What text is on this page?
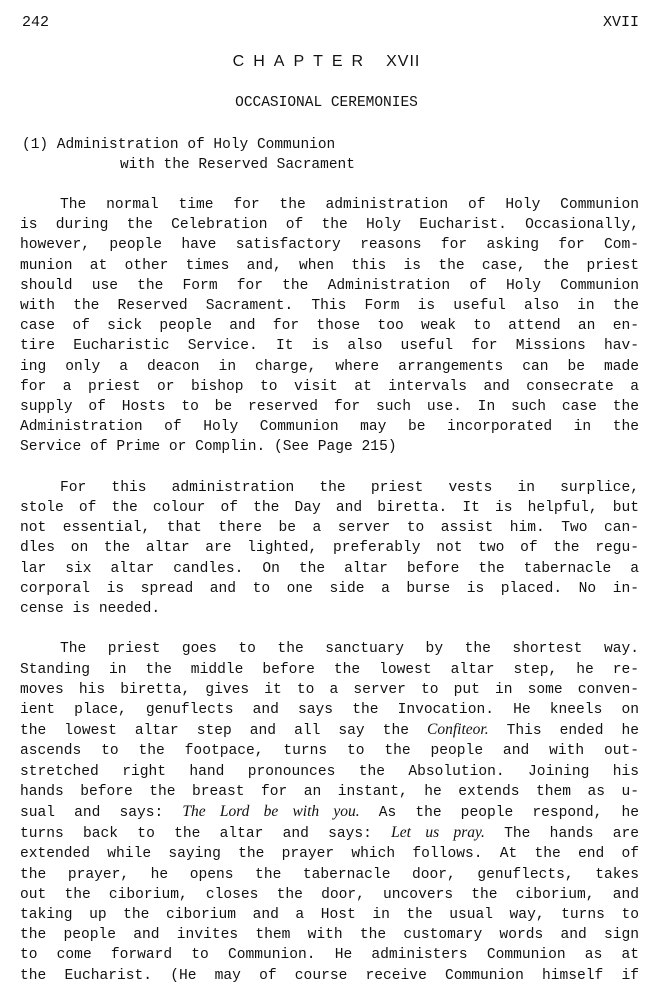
242	XVII
CHAPTER XVII
OCCASIONAL CEREMONIES
(1) Administration of Holy Communion
with the Reserved Sacrament
The normal time for the administration of Holy Communion
is during the Celebration of the Holy Eucharist. Occasionally,
however, people have satisfactory reasons for asking for Com-
munion at other times and, when this is the case, the priest
should use the Form for the Administration of Holy Communion
with the Reserved Sacrament. This Form is useful also in the
case of sick people and for those too weak to attend an en-
tire Eucharistic Service. It is also useful for Missions hav-
ing only a deacon in charge, where arrangements can be made
for a priest or bishop to visit at intervals and consecrate a
supply of Hosts to be reserved for such use. In such case the
Administration of Holy Communion may be incorporated in the
Service of Prime or Complin. (See Page 215)
For this administration the priest vests in surplice,
stole of the colour of the Day and biretta. It is helpful, but
not essential, that there be a server to assist him. Two can-
dles on the altar are lighted, preferably not two of the regu-
lar six altar candles. On the altar before the tabernacle a
corporal is spread and to one side a burse is placed. No in-
cense is needed.
The priest goes to the sanctuary by the shortest way.
Standing in the middle before the lowest altar step, he re-
moves his biretta, gives it to a server to put in some conven-
ient place, genuflects and says the Invocation. He kneels on
the lowest altar step and all say the Confiteor. This ended he
ascends to the footpace, turns to the people and with out-
stretched right hand pronounces the Absolution. Joining his
hands before the breast for an instant, he extends them as u-
sual and says: The Lord be with you. As the people respond, he
turns back to the altar and says: Let us pray. The hands are
extended while saying the prayer which follows. At the end of
the prayer, he opens the tabernacle door, genuflects, takes
out the ciborium, closes the door, uncovers the ciborium, and
taking up the ciborium and a Host in the usual way, turns to
the people and invites them with the customary words and sign
to come forward to Communion. He administers Communion as at
the Eucharist. (He may of course receive Communion himself if
